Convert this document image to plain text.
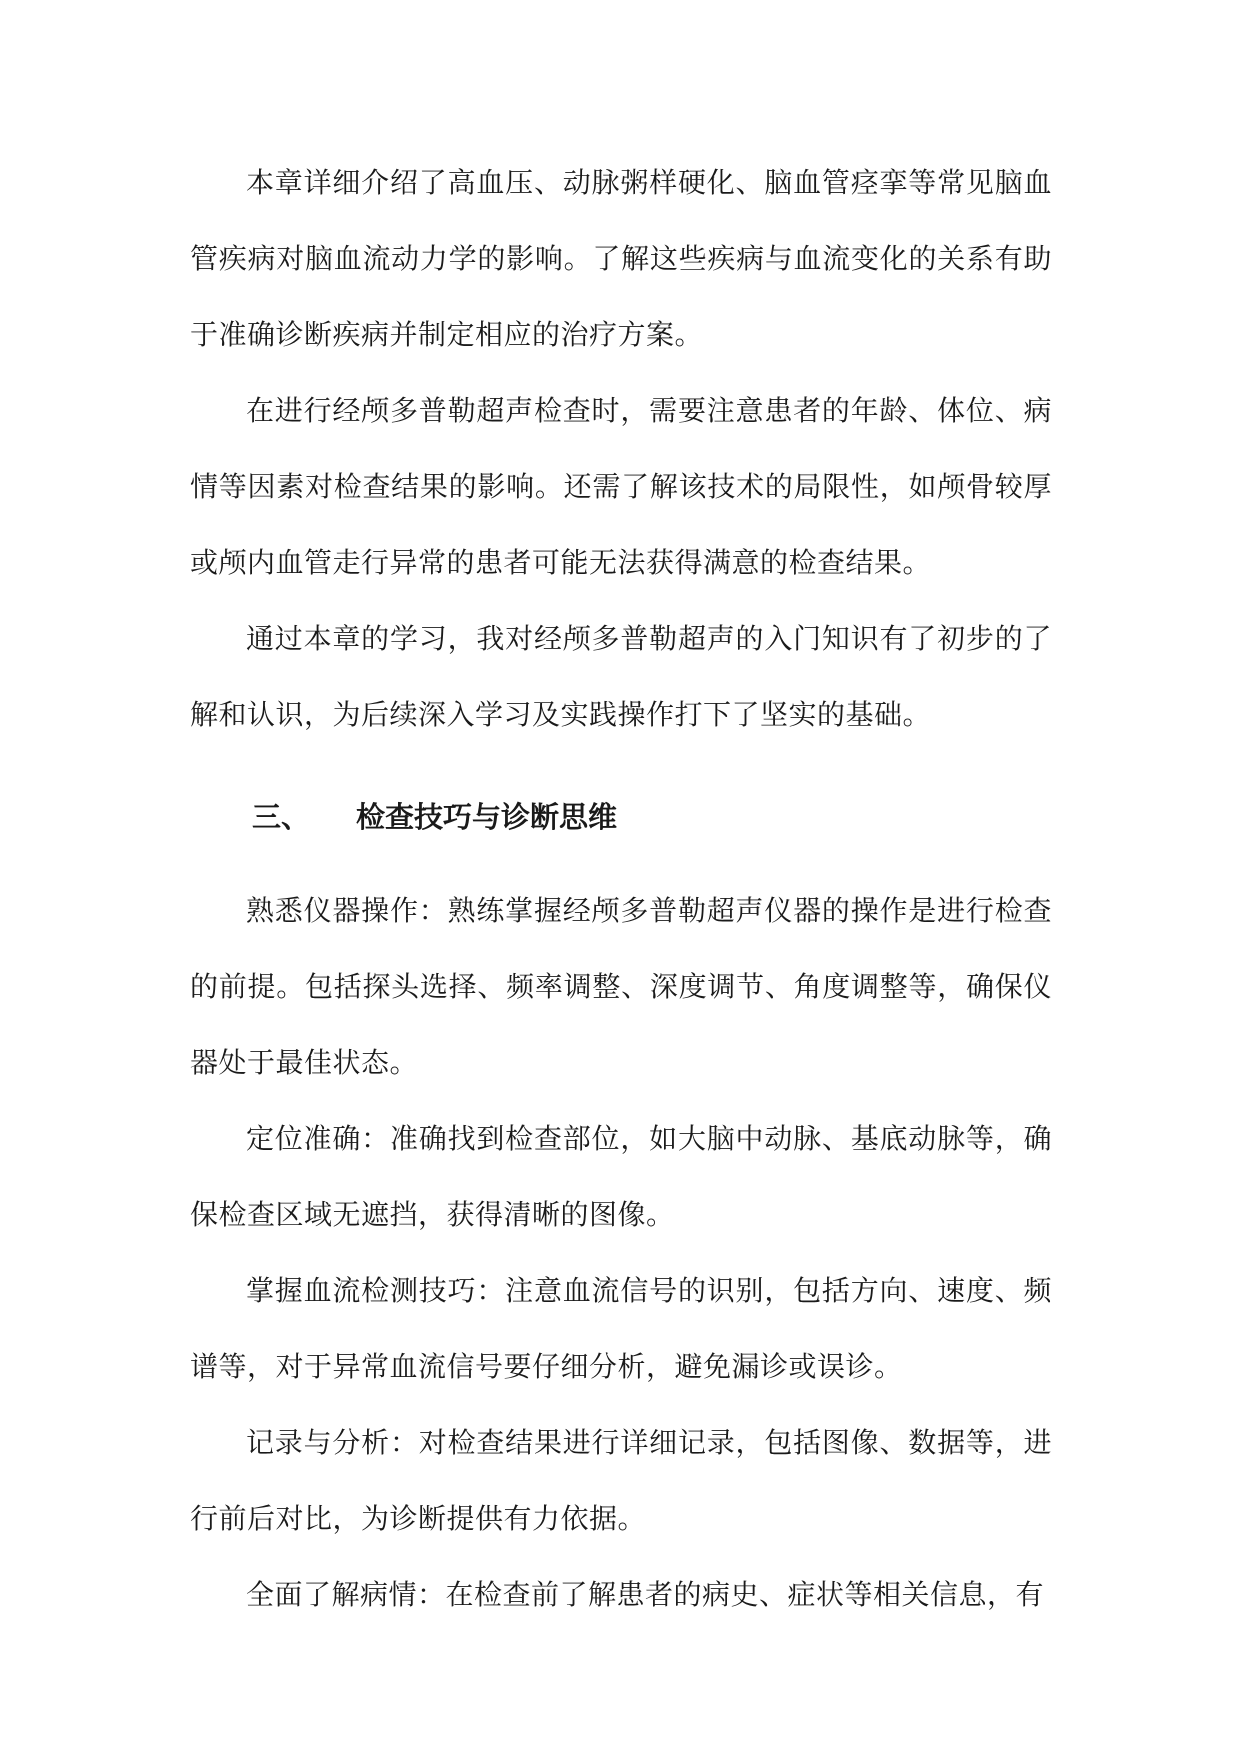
本章详细介绍了高血压、动脉粥样硬化、脑血管痉挛等常见脑血管疾病对脑血流动力学的影响。了解这些疾病与血流变化的关系有助于准确诊断疾病并制定相应的治疗方案。

在进行经颅多普勒超声检查时，需要注意患者的年龄、体位、病情等因素对检查结果的影响。还需了解该技术的局限性，如颅骨较厚或颅内血管走行异常的患者可能无法获得满意的检查结果。

通过本章的学习，我对经颅多普勒超声的入门知识有了初步的了解和认识，为后续深入学习及实践操作打下了坚实的基础。

三、 检查技巧与诊断思维

熟悉仪器操作：熟练掌握经颅多普勒超声仪器的操作是进行检查的前提。包括探头选择、频率调整、深度调节、角度调整等，确保仪器处于最佳状态。

定位准确：准确找到检查部位，如大脑中动脉、基底动脉等，确保检查区域无遮挡，获得清晰的图像。

掌握血流检测技巧：注意血流信号的识别，包括方向、速度、频谱等，对于异常血流信号要仔细分析，避免漏诊或误诊。

记录与分析：对检查结果进行详细记录，包括图像、数据等，进行前后对比，为诊断提供有力依据。

全面了解病情：在检查前了解患者的病史、症状等相关信息，有
